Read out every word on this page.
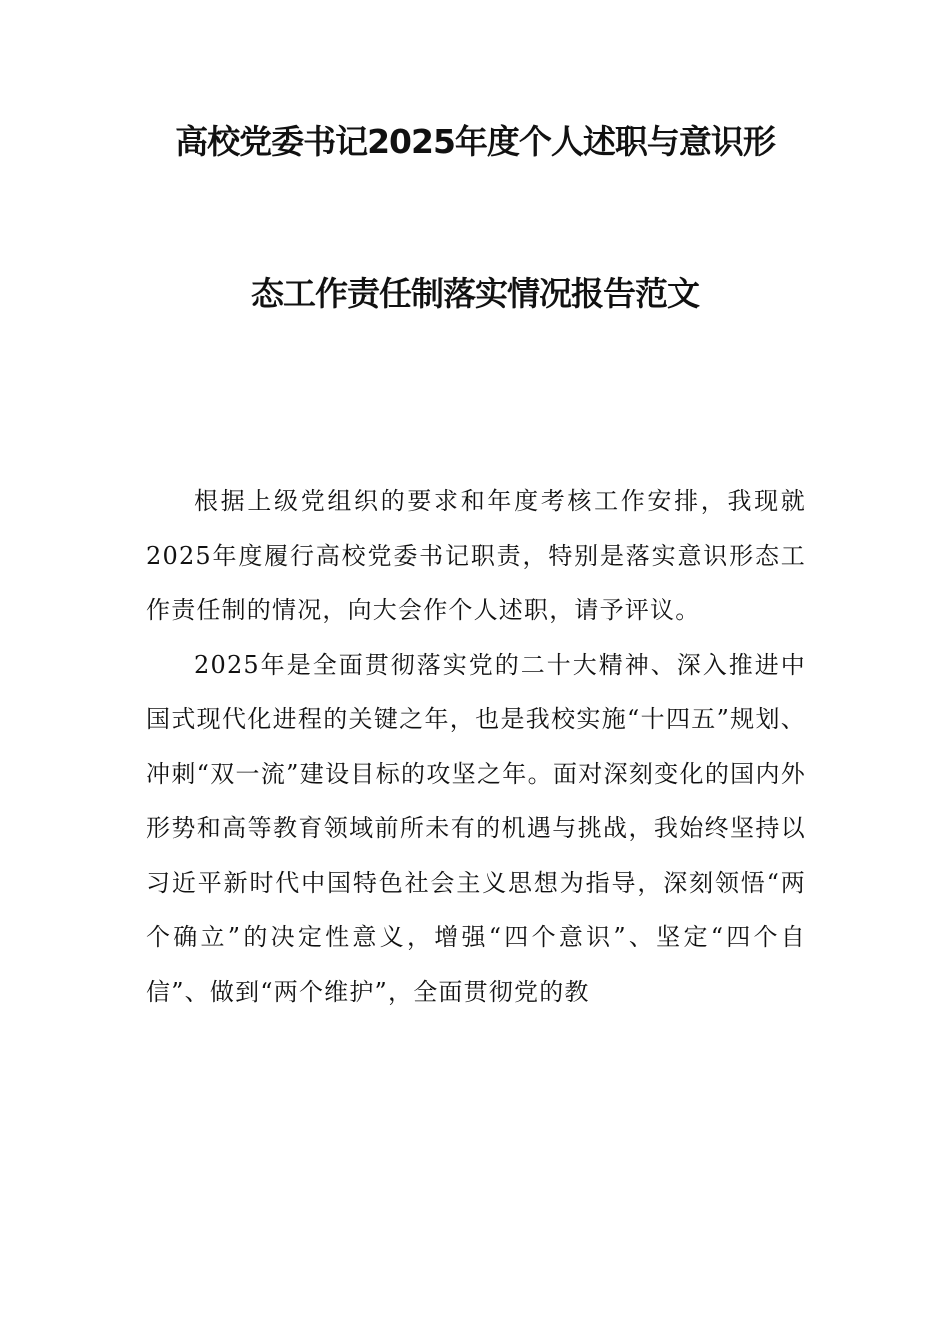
高校党委书记2025年度个人述职与意识形
态工作责任制落实情况报告范文

根据上级党组织的要求和年度考核工作安排，我现就2025年度履行高校党委书记职责，特别是落实意识形态工作责任制的情况，向大会作个人述职，请予评议。

2025年是全面贯彻落实党的二十大精神、深入推进中国式现代化进程的关键之年，也是我校实施“十四五”规划、冲刺“双一流”建设目标的攻坚之年。面对深刻变化的国内外形势和高等教育领域前所未有的机遇与挑战，我始终坚持以习近平新时代中国特色社会主义思想为指导，深刻领悟“两个确立”的决定性意义，增强“四个意识”、坚定“四个自信”、做到“两个维护”，全面贯彻党的教
